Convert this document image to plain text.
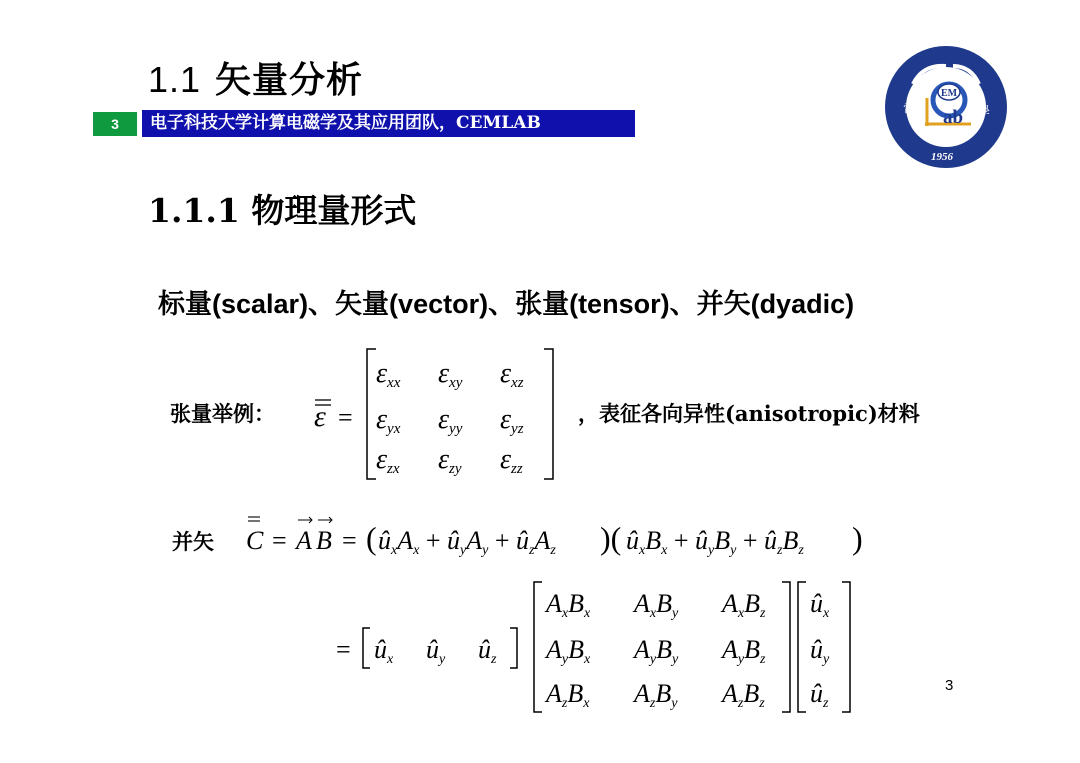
1.1 矢量分析
3	电子科技大学计算电磁学及其应用团队，CEMLAB
電	學
1956
EM
ab
1.1.1 物理量形式
标量(scalar)、矢量(vector)、张量(tensor)、并矢(dyadic)
张量举例： ε =
εxx εxy εxz
εyx εyy εyz
εzx εzy εzz
，表征各向异性(anisotropic)材料
并矢 C = A B = ( ûxAx + ûyAy + ûzAz )( ûxBx + ûyBy + ûzBz )
= ûx ûy ûz
AxBx AxBy AxBz
AyBx AyBy AyBz
AzBx AzBy AzBz
ûx
ûy
ûz
3
